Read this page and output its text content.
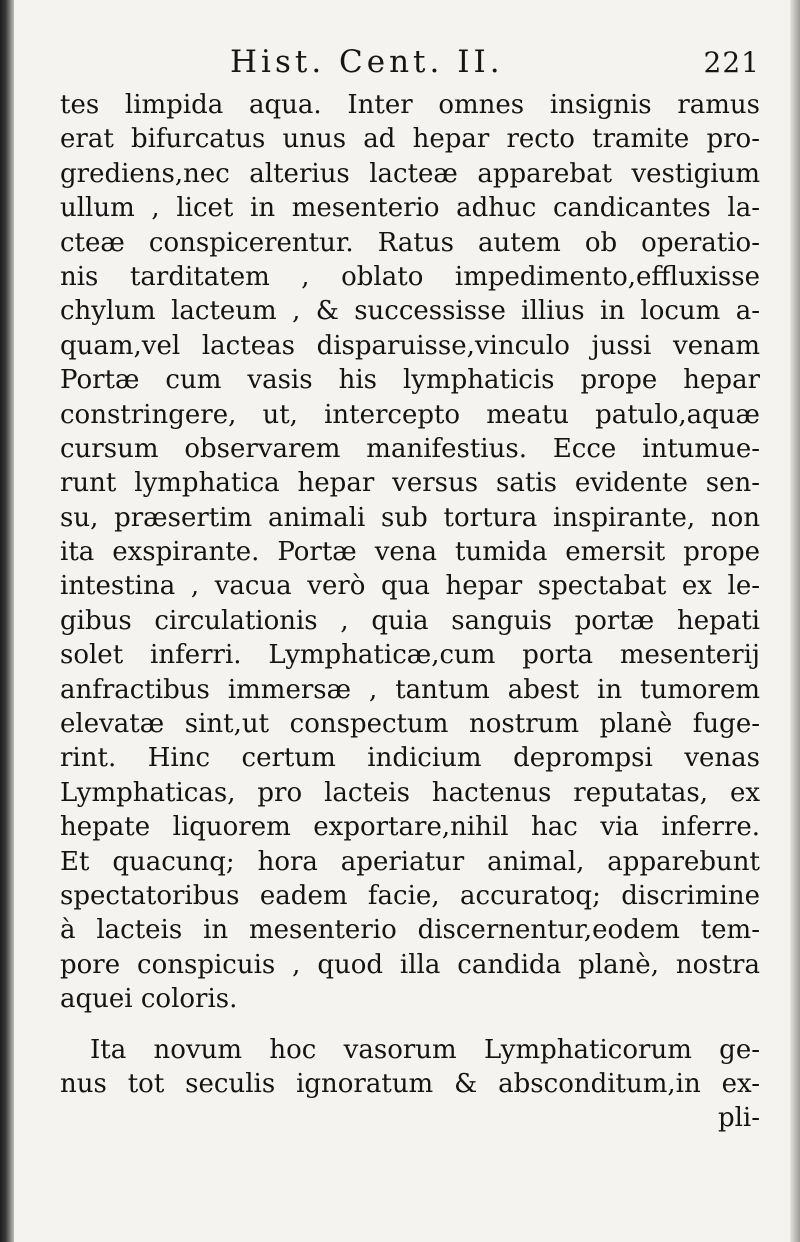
Hist. Cent. II.	221
tes limpida aqua. Inter omnes insignis ramus
erat bifurcatus unus ad hepar recto tramite pro-
grediens,nec alterius lacteæ apparebat vestigium
ullum , licet in mesenterio adhuc candicantes la-
cteæ conspicerentur. Ratus autem ob operatio-
nis tarditatem , oblato impedimento,effluxisse
chylum lacteum , & successisse illius in locum a-
quam,vel lacteas disparuisse,vinculo jussi venam
Portæ cum vasis his lymphaticis prope hepar
constringere, ut, intercepto meatu patulo,aquæ
cursum observarem manifestius. Ecce intumue-
runt lymphatica hepar versus satis evidente sen-
su, præsertim animali sub tortura inspirante, non
ita exspirante. Portæ vena tumida emersit prope
intestina , vacua verò qua hepar spectabat ex le-
gibus circulationis , quia sanguis portæ hepati
solet inferri. Lymphaticæ,cum porta mesenterij
anfractibus immersæ , tantum abest in tumorem
elevatæ sint,ut conspectum nostrum planè fuge-
rint. Hinc certum indicium deprompsi venas
Lymphaticas, pro lacteis hactenus reputatas, ex
hepate liquorem exportare,nihil hac via inferre.
Et quacunq; hora aperiatur animal, apparebunt
spectatoribus eadem facie, accuratoq; discrimine
à lacteis in mesenterio discernentur,eodem tem-
pore conspicuis , quod illa candida planè, nostra
aquei coloris.
Ita novum hoc vasorum Lymphaticorum ge-
nus tot seculis ignoratum & absconditum,in ex-
pli-
